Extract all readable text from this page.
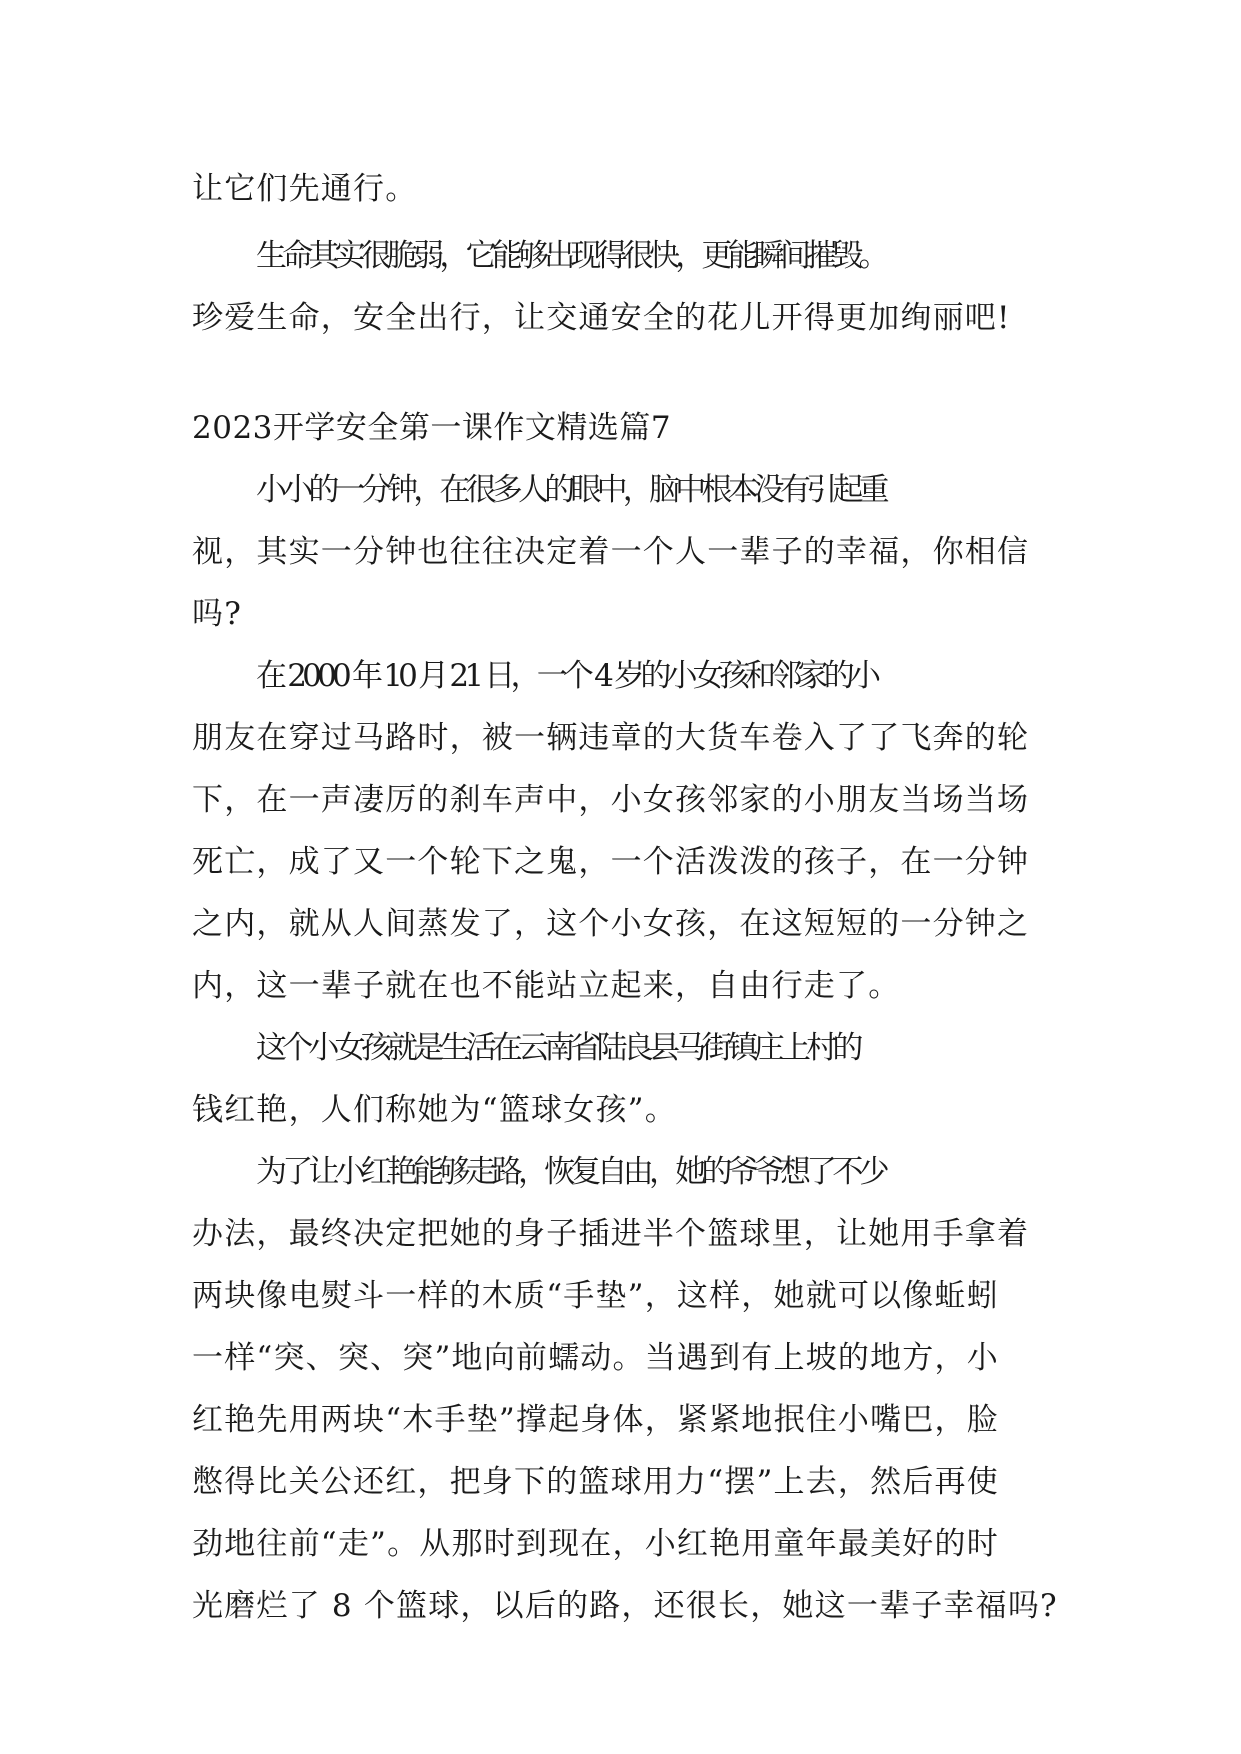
让它们先通行。

生命其实很脆弱，它能够出现得很快，更能瞬间摧毁。
珍爱生命，安全出行，让交通安全的花儿开得更加绚丽吧!

2023开学安全第一课作文精选篇7

小小的一分钟，在很多人的眼中，脑中根本没有引起重
视，其实一分钟也往往决定着一个人一辈子的幸福，你相信
吗?

在 2000 年 10 月 21 日，一个 4 岁的小女孩和邻家的小
朋友在穿过马路时，被一辆违章的大货车卷入了了飞奔的轮
下，在一声凄厉的刹车声中，小女孩邻家的小朋友当场当场
死亡，成了又一个轮下之鬼，一个活泼泼的孩子，在一分钟
之内，就从人间蒸发了，这个小女孩，在这短短的一分钟之
内，这一辈子就在也不能站立起来，自由行走了。

这个小女孩就是生活在云南省陆良县马街镇庄上村的
钱红艳，人们称她为“篮球女孩”。

为了让小红艳能够走路，恢复自由，她的爷爷想了不少
办法，最终决定把她的身子插进半个篮球里，让她用手拿着
两块像电熨斗一样的木质“手垫”，这样，她就可以像蚯蚓
一样“突、突、突”地向前蠕动。当遇到有上坡的地方，小
红艳先用两块“木手垫”撑起身体，紧紧地抿住小嘴巴，脸
憋得比关公还红，把身下的篮球用力“摆”上去，然后再使
劲地往前“走”。从那时到现在，小红艳用童年最美好的时
光磨烂了 8 个篮球，以后的路，还很长，她这一辈子幸福吗?
